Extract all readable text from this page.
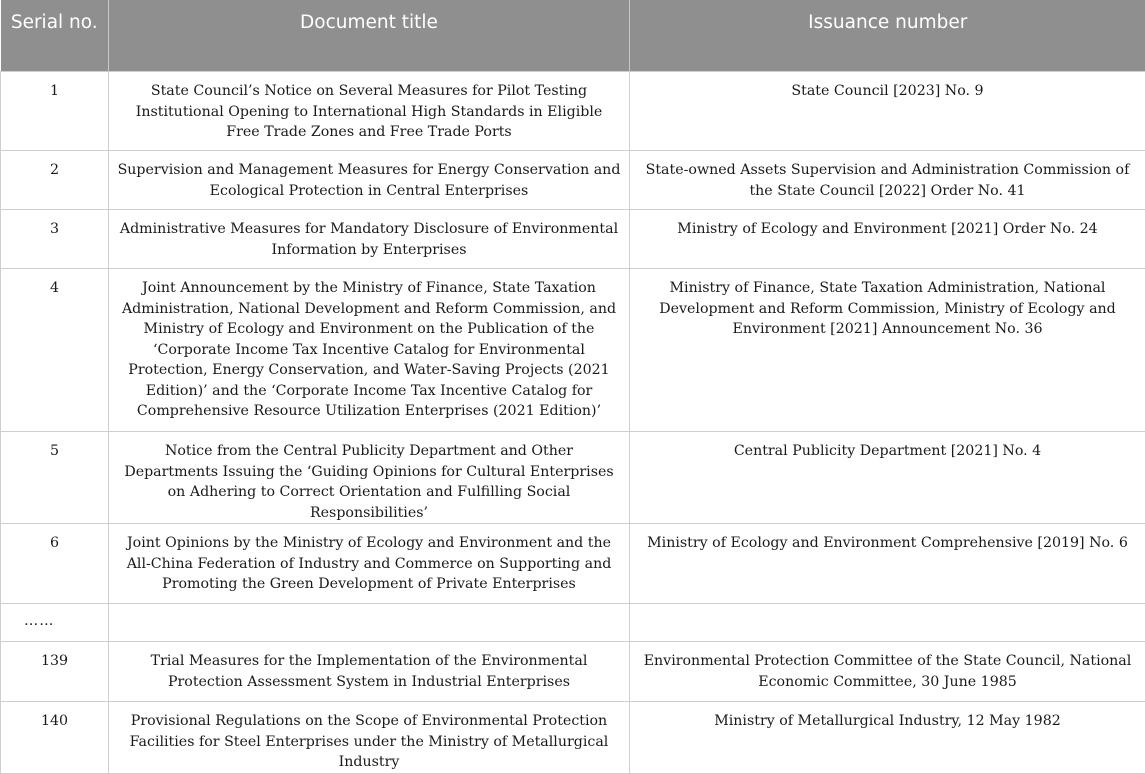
Serial no.	Document title	Issuance number

1	State Council’s Notice on Several Measures for Pilot Testing Institutional Opening to International High Standards in Eligible Free Trade Zones and Free Trade Ports	State Council [2023] No. 9
2	Supervision and Management Measures for Energy Conservation and Ecological Protection in Central Enterprises	State-owned Assets Supervision and Administration Commission of the State Council [2022] Order No. 41
3	Administrative Measures for Mandatory Disclosure of Environmental Information by Enterprises	Ministry of Ecology and Environment [2021] Order No. 24
4	Joint Announcement by the Ministry of Finance, State Taxation Administration, National Development and Reform Commission, and Ministry of Ecology and Environment on the Publication of the ‘Corporate Income Tax Incentive Catalog for Environmental Protection, Energy Conservation, and Water-Saving Projects (2021 Edition)’ and the ‘Corporate Income Tax Incentive Catalog for Comprehensive Resource Utilization Enterprises (2021 Edition)’	Ministry of Finance, State Taxation Administration, National Development and Reform Commission, Ministry of Ecology and Environment [2021] Announcement No. 36
5	Notice from the Central Publicity Department and Other Departments Issuing the ‘Guiding Opinions for Cultural Enterprises on Adhering to Correct Orientation and Fulfilling Social Responsibilities’	Central Publicity Department [2021] No. 4
6	Joint Opinions by the Ministry of Ecology and Environment and the All-China Federation of Industry and Commerce on Supporting and Promoting the Green Development of Private Enterprises	Ministry of Ecology and Environment Comprehensive [2019] No. 6
……		
139	Trial Measures for the Implementation of the Environmental Protection Assessment System in Industrial Enterprises	Environmental Protection Committee of the State Council, National Economic Committee, 30 June 1985
140	Provisional Regulations on the Scope of Environmental Protection Facilities for Steel Enterprises under the Ministry of Metallurgical Industry	Ministry of Metallurgical Industry, 12 May 1982
